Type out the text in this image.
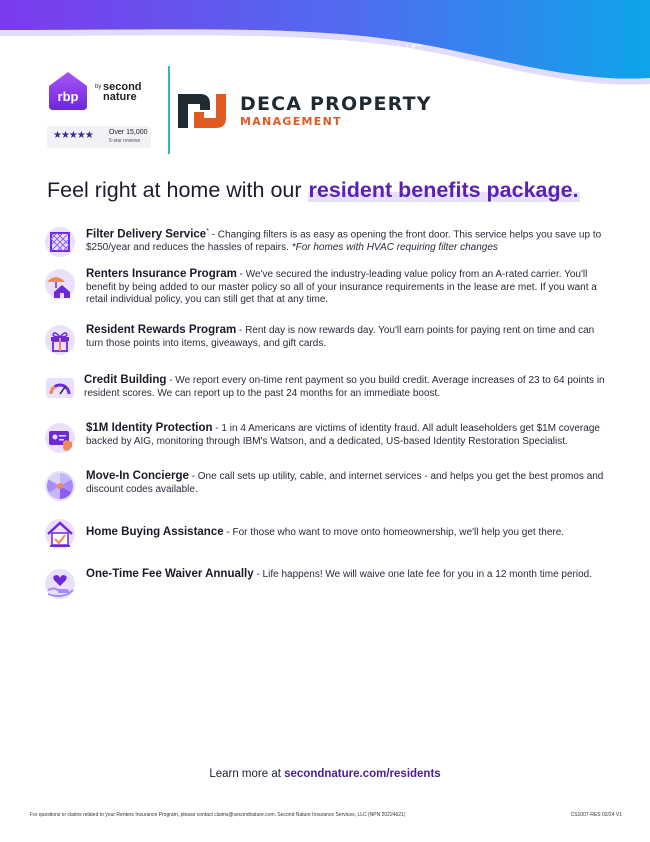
ton Avenue
rbp
by second
nature
★★★★★ Over 15,000
5-star reviews
DECA PROPERTY
MANAGEMENT
Feel right at home with our resident benefits package.
Filter Delivery Service* - Changing filters is as easy as opening the front door. This service helps you save up to $250/year and reduces the hassles of repairs. *For homes with HVAC requiring filter changes
Renters Insurance Program - We've secured the industry-leading value policy from an A-rated carrier. You'll benefit by being added to our master policy so all of your insurance requirements in the lease are met. If you want a retail individual policy, you can still get that at any time.
Resident Rewards Program - Rent day is now rewards day. You'll earn points for paying rent on time and can turn those points into items, giveaways, and gift cards.
Credit Building - We report every on-time rent payment so you build credit. Average increases of 23 to 64 points in resident scores. We can report up to the past 24 months for an immediate boost.
$1M Identity Protection - 1 in 4 Americans are victims of identity fraud. All adult leaseholders get $1M coverage backed by AIG, monitoring through IBM's Watson, and a dedicated, US-based Identity Restoration Specialist.
Move-In Concierge - One call sets up utility, cable, and internet services - and helps you get the best promos and discount codes available.
Home Buying Assistance - For those who want to move onto homeownership, we'll help you get there.
One-Time Fee Waiver Annually - Life happens! We will waive one late fee for you in a 12 month time period.
Learn more at secondnature.com/residents
For questions or claims related to your Renters Insurance Program, please contact claims@secondnature.com. Second Nature Insurance Services, LLC (NPN 20224621)	CS1007-RES 02/24 V1
